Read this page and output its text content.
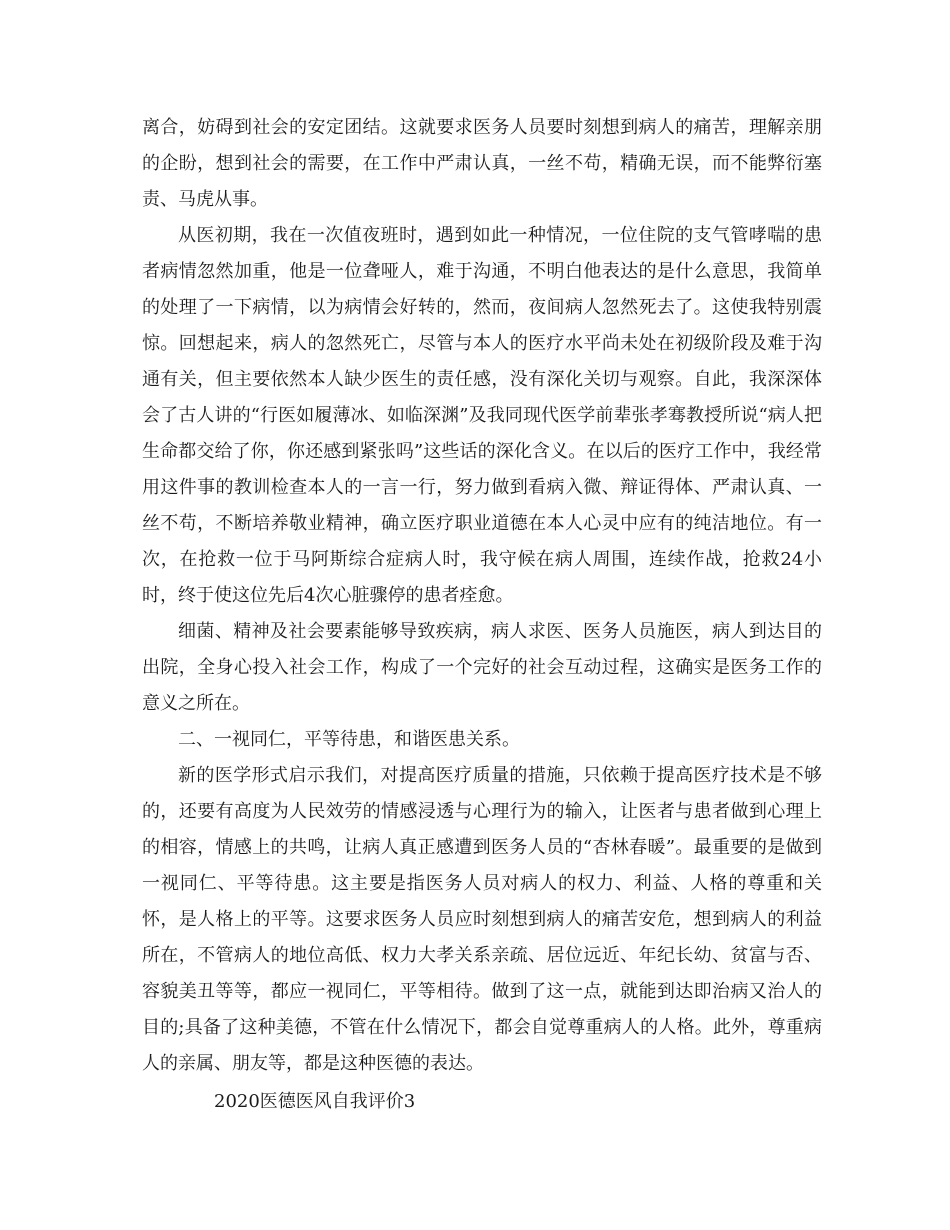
离合，妨碍到社会的安定团结。这就要求医务人员要时刻想到病人的痛苦，理解亲朋的企盼，想到社会的需要，在工作中严肃认真，一丝不苟，精确无误，而不能弊衍塞责、马虎从事。

从医初期，我在一次值夜班时，遇到如此一种情况，一位住院的支气管哮喘的患者病情忽然加重，他是一位聋哑人，难于沟通，不明白他表达的是什么意思，我简单的处理了一下病情，以为病情会好转的，然而，夜间病人忽然死去了。这使我特别震惊。回想起来，病人的忽然死亡，尽管与本人的医疗水平尚未处在初级阶段及难于沟通有关，但主要依然本人缺少医生的责任感，没有深化关切与观察。自此，我深深体会了古人讲的“行医如履薄冰、如临深渊”及我同现代医学前辈张孝骞教授所说“病人把生命都交给了你，你还感到紧张吗”这些话的深化含义。在以后的医疗工作中，我经常用这件事的教训检查本人的一言一行，努力做到看病入微、辩证得体、严肃认真、一丝不苟，不断培养敬业精神，确立医疗职业道德在本人心灵中应有的纯洁地位。有一次，在抢救一位于马阿斯综合症病人时，我守候在病人周围，连续作战，抢救24小时，终于使这位先后4次心脏骤停的患者痊愈。

细菌、精神及社会要素能够导致疾病，病人求医、医务人员施医，病人到达目的出院，全身心投入社会工作，构成了一个完好的社会互动过程，这确实是医务工作的意义之所在。

二、一视同仁，平等待患，和谐医患关系。

新的医学形式启示我们，对提高医疗质量的措施，只依赖于提高医疗技术是不够的，还要有高度为人民效劳的情感浸透与心理行为的输入，让医者与患者做到心理上的相容，情感上的共鸣，让病人真正感遭到医务人员的“杏林春暖”。最重要的是做到一视同仁、平等待患。这主要是指医务人员对病人的权力、利益、人格的尊重和关怀，是人格上的平等。这要求医务人员应时刻想到病人的痛苦安危，想到病人的利益所在，不管病人的地位高低、权力大孝关系亲疏、居位远近、年纪长幼、贫富与否、容貌美丑等等，都应一视同仁，平等相待。做到了这一点，就能到达即治病又治人的目的;具备了这种美德，不管在什么情况下，都会自觉尊重病人的人格。此外，尊重病人的亲属、朋友等，都是这种医德的表达。

2020医德医风自我评价3
